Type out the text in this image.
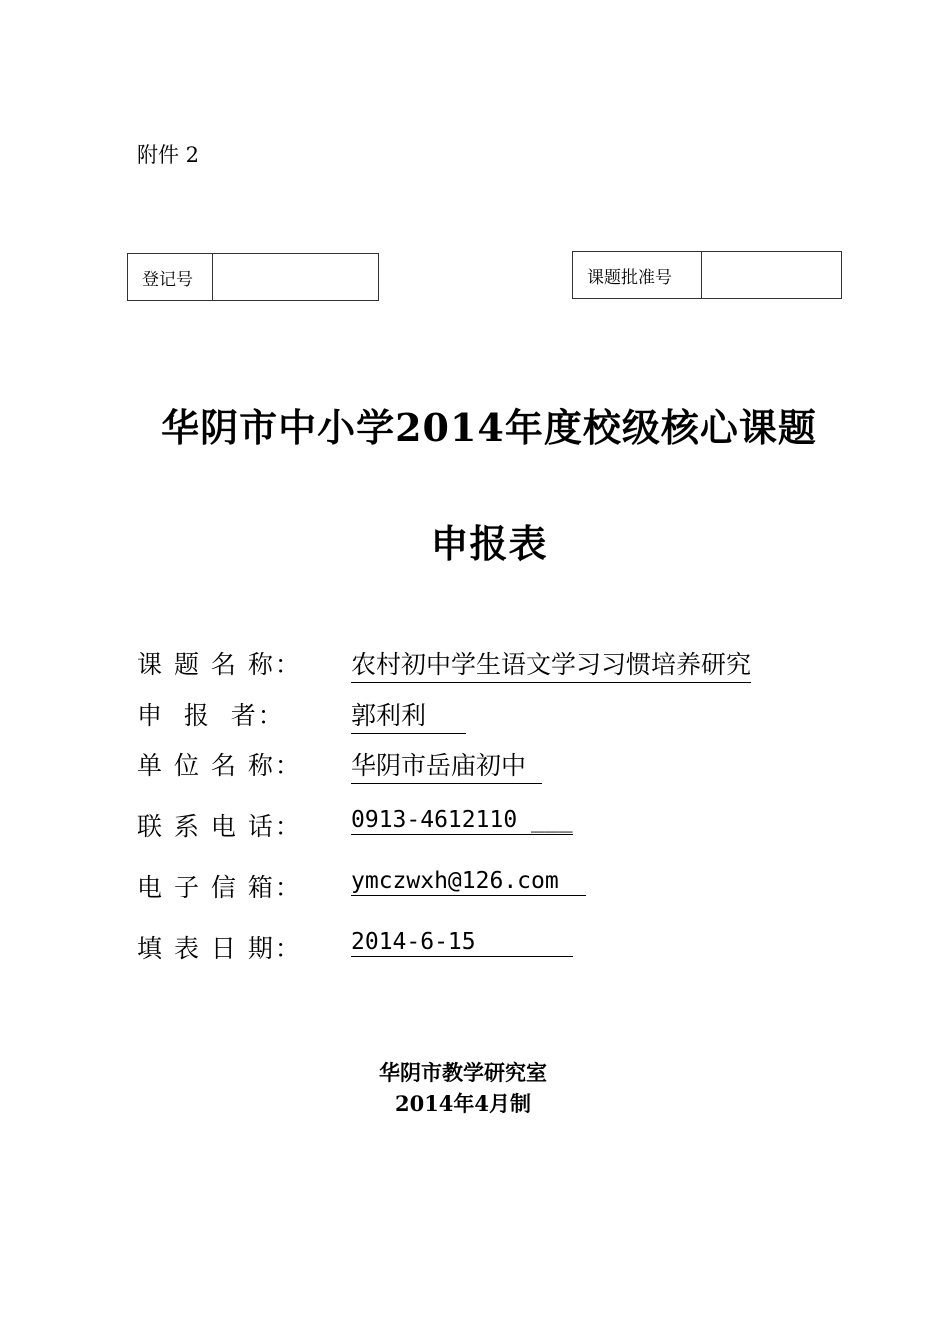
附件 2
登记号	课题批准号
华阴市中小学2014年度校级核心课题
申报表
课 题 名 称： 农村初中学生语文学习习惯培养研究
申  报  者：	郭利利
单 位 名 称： 华阴市岳庙初中
联 系 电 话： 0913-4612110 ___
电 子 信 箱： ymczwxh@126.com
填 表 日 期： 2014-6-15
华阴市教学研究室
2014年4月制
